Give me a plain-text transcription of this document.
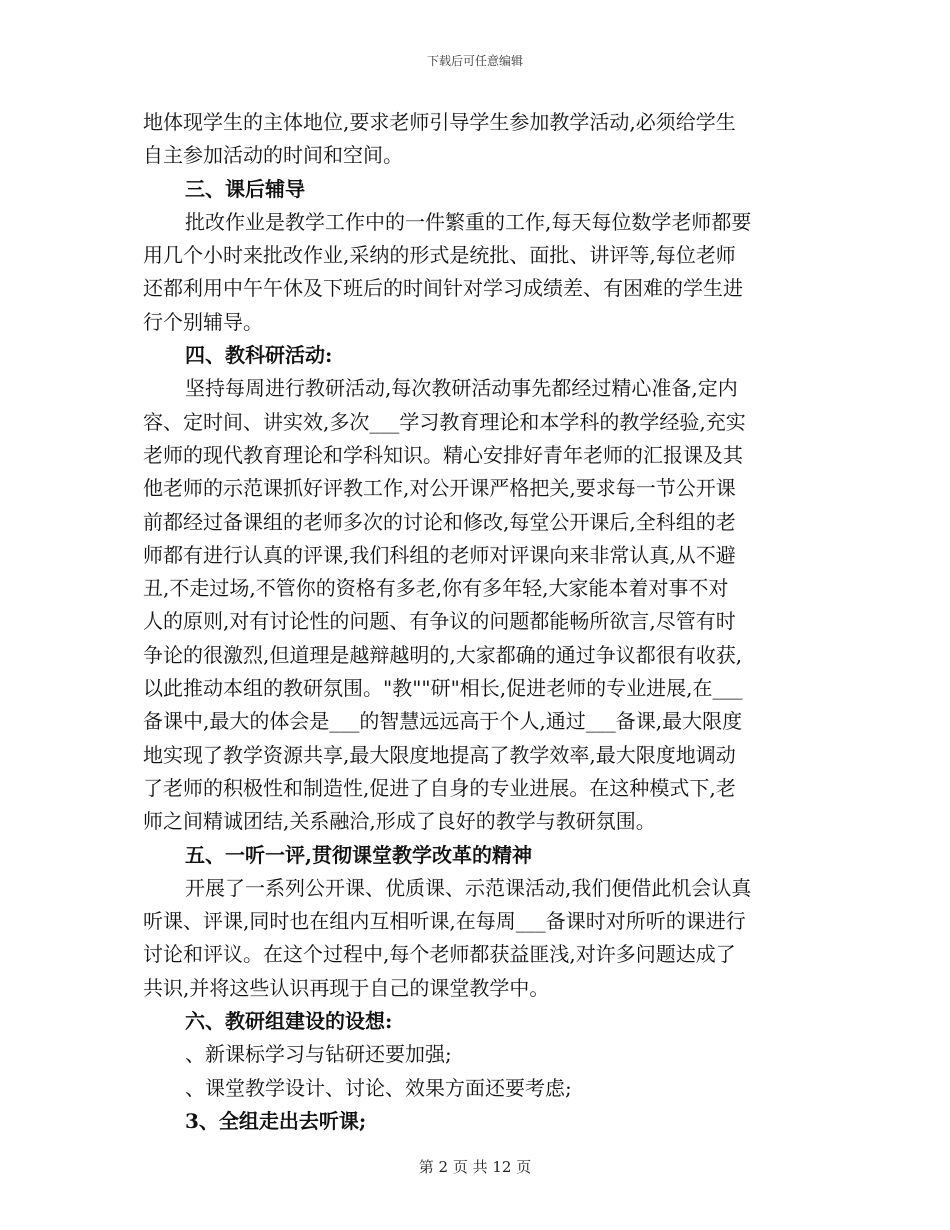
下载后可任意编辑
地体现学生的主体地位,要求老师引导学生参加教学活动,必须给学生
自主参加活动的时间和空间。
三、课后辅导
批改作业是教学工作中的一件繁重的工作,每天每位数学老师都要
用几个小时来批改作业,采纳的形式是统批、面批、讲评等,每位老师
还都利用中午午休及下班后的时间针对学习成绩差、有困难的学生进
行个别辅导。
四、教科研活动:
坚持每周进行教研活动,每次教研活动事先都经过精心准备,定内
容、定时间、讲实效,多次___学习教育理论和本学科的教学经验,充实
老师的现代教育理论和学科知识。精心安排好青年老师的汇报课及其
他老师的示范课抓好评教工作,对公开课严格把关,要求每一节公开课
前都经过备课组的老师多次的讨论和修改,每堂公开课后,全科组的老
师都有进行认真的评课,我们科组的老师对评课向来非常认真,从不避
丑,不走过场,不管你的资格有多老,你有多年轻,大家能本着对事不对
人的原则,对有讨论性的问题、有争议的问题都能畅所欲言,尽管有时
争论的很激烈,但道理是越辩越明的,大家都确的通过争议都很有收获,
以此推动本组的教研氛围。"教""研"相长,促进老师的专业进展,在___
备课中,最大的体会是___的智慧远远高于个人,通过___备课,最大限度
地实现了教学资源共享,最大限度地提高了教学效率,最大限度地调动
了老师的积极性和制造性,促进了自身的专业进展。在这种模式下,老
师之间精诚团结,关系融洽,形成了良好的教学与教研氛围。
五、一听一评,贯彻课堂教学改革的精神
开展了一系列公开课、优质课、示范课活动,我们便借此机会认真
听课、评课,同时也在组内互相听课,在每周___备课时对所听的课进行
讨论和评议。在这个过程中,每个老师都获益匪浅,对许多问题达成了
共识,并将这些认识再现于自己的课堂教学中。
六、教研组建设的设想:
、新课标学习与钻研还要加强;
、课堂教学设计、讨论、效果方面还要考虑;
3、全组走出去听课;
第 2 页 共 12 页
